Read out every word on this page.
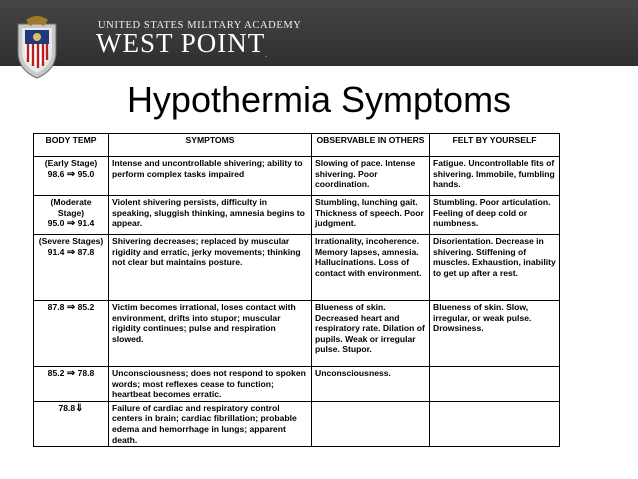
UNITED STATES MILITARY ACADEMY
WEST POINT.
Hypothermia Symptoms
BODY TEMP	SYMPTOMS	OBSERVABLE IN OTHERS	FELT BY YOURSELF

(Early Stage)
98.6 ⇒ 95.0	Intense and uncontrollable shivering; ability to perform complex tasks impaired	Slowing of pace. Intense shivering. Poor coordination.	Fatigue. Uncontrollable fits of shivering. Immobile, fumbling hands.

(Moderate Stage)
95.0 ⇒ 91.4	Violent shivering persists, difficulty in speaking, sluggish thinking, amnesia begins to appear.	Stumbling, lunching gait. Thickness of speech. Poor judgment.	Stumbling. Poor articulation. Feeling of deep cold or numbness.

(Severe Stages)
91.4 ⇒ 87.8	Shivering decreases; replaced by muscular rigidity and erratic, jerky movements; thinking not clear but maintains posture.	Irrationality, incoherence. Memory lapses, amnesia. Hallucinations. Loss of contact with environment.	Disorientation. Decrease in shivering. Stiffening of muscles. Exhaustion, inability to get up after a rest.

87.8 ⇒ 85.2	Victim becomes irrational, loses contact with environment, drifts into stupor; muscular rigidity continues; pulse and respiration slowed.	Blueness of skin. Decreased heart and respiratory rate. Dilation of pupils. Weak or irregular pulse. Stupor.	Blueness of skin. Slow, irregular, or weak pulse. Drowsiness.

85.2 ⇒ 78.8	Unconsciousness; does not respond to spoken words; most reflexes cease to function; heartbeat becomes erratic.	Unconsciousness.	

78.8⇓	Failure of cardiac and respiratory control centers in brain; cardiac fibrillation; probable edema and hemorrhage in lungs; apparent death.		
